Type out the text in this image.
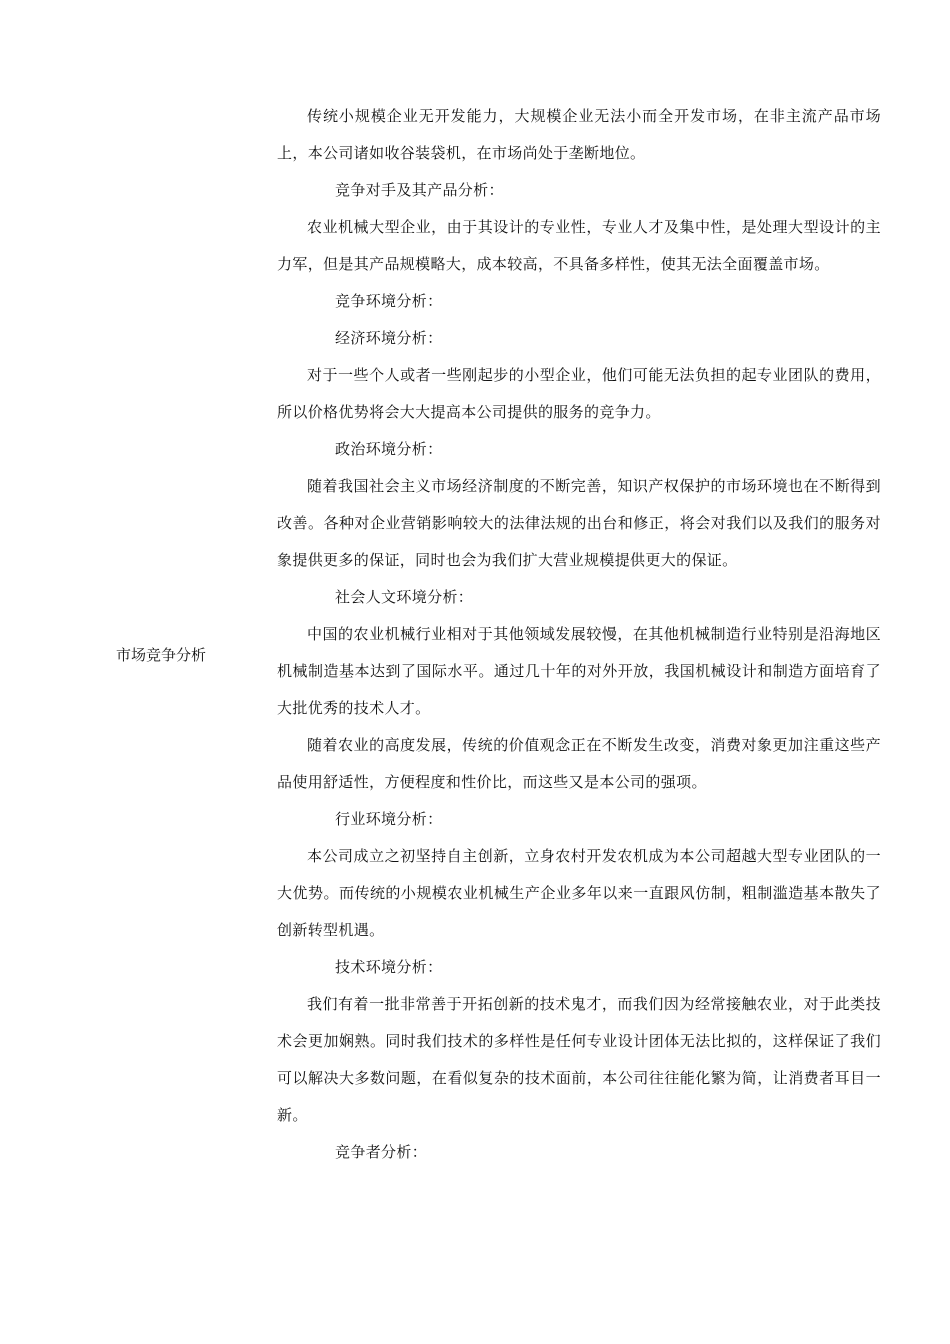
市场竞争分析

传统小规模企业无开发能力，大规模企业无法小而全开发市场，在非主流产品市场上，本公司诸如收谷装袋机，在市场尚处于垄断地位。

竞争对手及其产品分析：

农业机械大型企业，由于其设计的专业性，专业人才及集中性，是处理大型设计的主力军，但是其产品规模略大，成本较高，不具备多样性，使其无法全面覆盖市场。

竞争环境分析：

经济环境分析：

对于一些个人或者一些刚起步的小型企业，他们可能无法负担的起专业团队的费用，所以价格优势将会大大提高本公司提供的服务的竞争力。

政治环境分析：

随着我国社会主义市场经济制度的不断完善，知识产权保护的市场环境也在不断得到改善。各种对企业营销影响较大的法律法规的出台和修正，将会对我们以及我们的服务对象提供更多的保证，同时也会为我们扩大营业规模提供更大的保证。

社会人文环境分析：

中国的农业机械行业相对于其他领域发展较慢，在其他机械制造行业特别是沿海地区机械制造基本达到了国际水平。通过几十年的对外开放，我国机械设计和制造方面培育了大批优秀的技术人才。

随着农业的高度发展，传统的价值观念正在不断发生改变，消费对象更加注重这些产品使用舒适性，方便程度和性价比，而这些又是本公司的强项。

行业环境分析：

本公司成立之初坚持自主创新，立身农村开发农机成为本公司超越大型专业团队的一大优势。而传统的小规模农业机械生产企业多年以来一直跟风仿制，粗制滥造基本散失了创新转型机遇。

技术环境分析：

我们有着一批非常善于开拓创新的技术鬼才，而我们因为经常接触农业，对于此类技术会更加娴熟。同时我们技术的多样性是任何专业设计团体无法比拟的，这样保证了我们可以解决大多数问题，在看似复杂的技术面前，本公司往往能化繁为简，让消费者耳目一新。

竞争者分析：
